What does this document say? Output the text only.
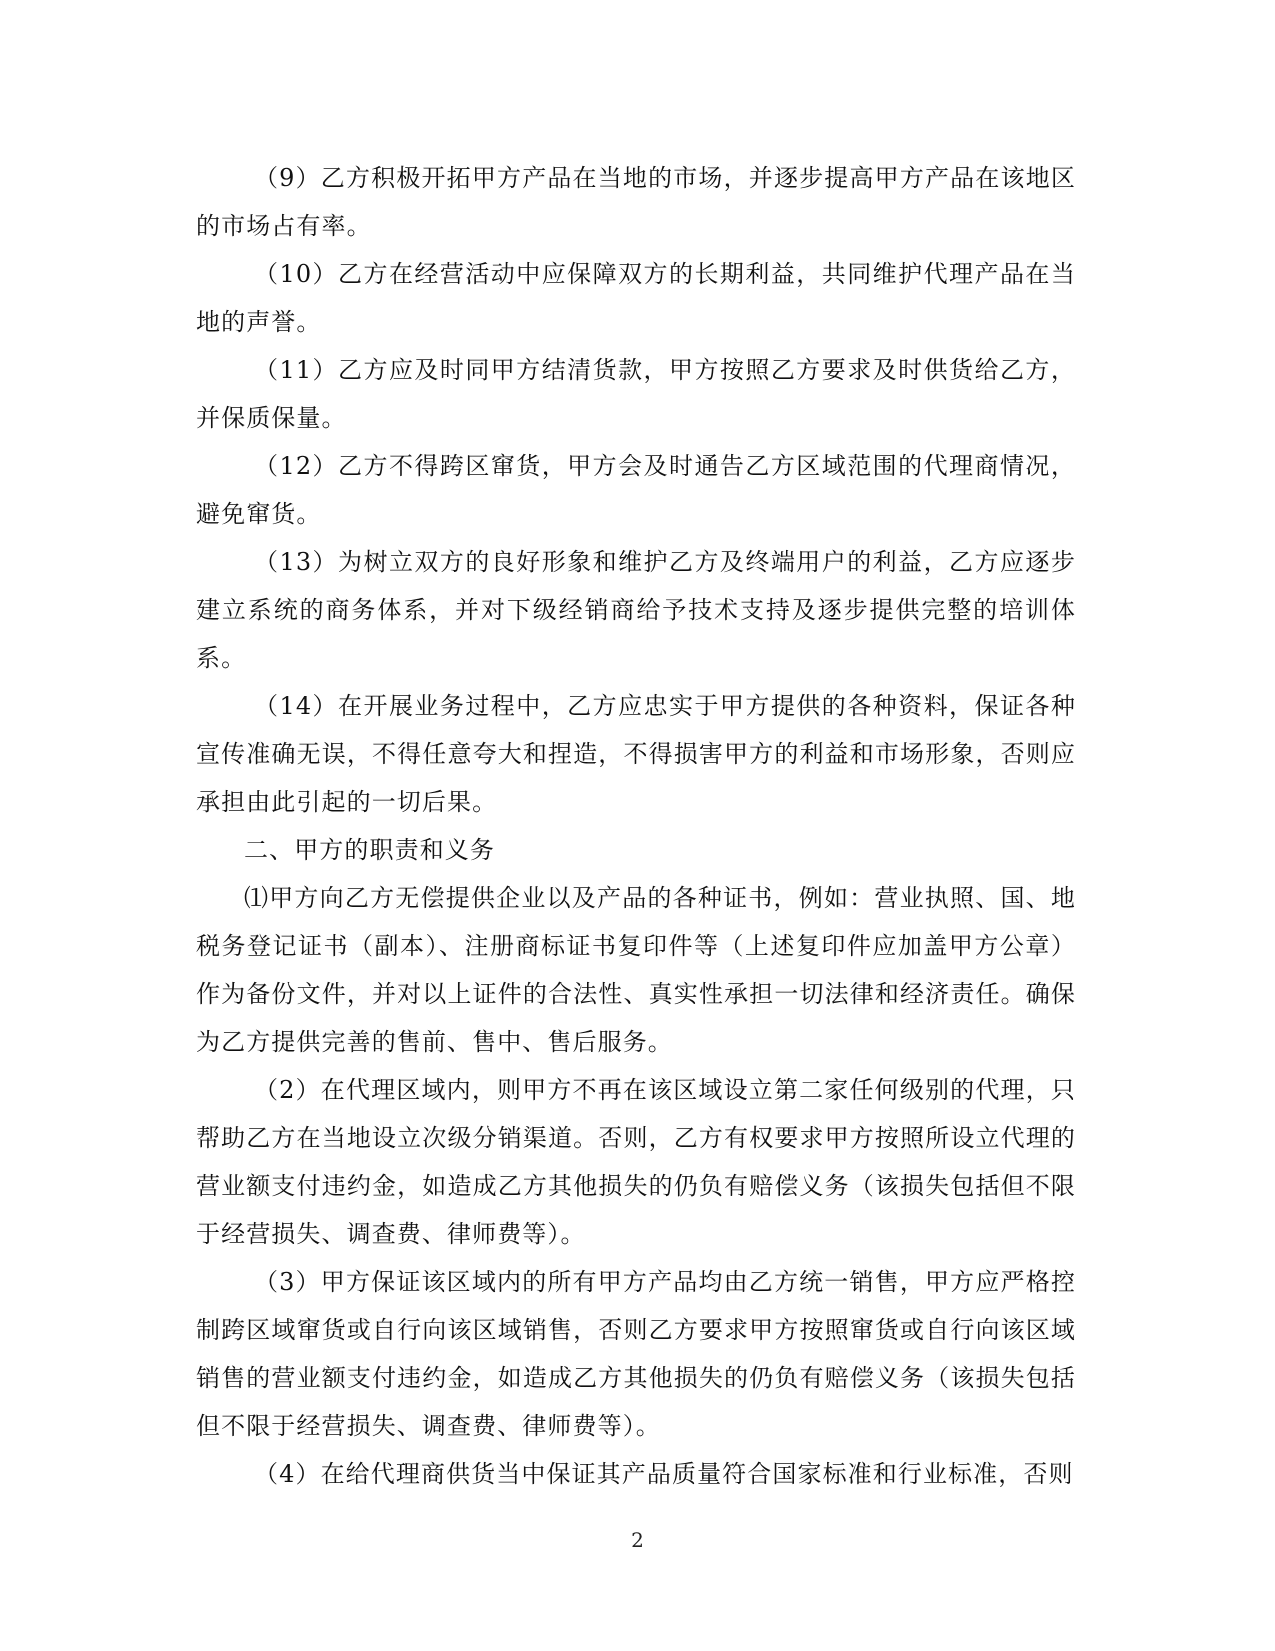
（9）乙方积极开拓甲方产品在当地的市场，并逐步提高甲方产品在该地区的市场占有率。

（10）乙方在经营活动中应保障双方的长期利益，共同维护代理产品在当地的声誉。

（11）乙方应及时同甲方结清货款，甲方按照乙方要求及时供货给乙方，并保质保量。

（12）乙方不得跨区窜货，甲方会及时通告乙方区域范围的代理商情况，避免窜货。

（13）为树立双方的良好形象和维护乙方及终端用户的利益，乙方应逐步建立系统的商务体系，并对下级经销商给予技术支持及逐步提供完整的培训体系。

（14）在开展业务过程中，乙方应忠实于甲方提供的各种资料，保证各种宣传准确无误，不得任意夸大和捏造，不得损害甲方的利益和市场形象，否则应承担由此引起的一切后果。

二、甲方的职责和义务

⑴甲方向乙方无偿提供企业以及产品的各种证书，例如：营业执照、国、地税务登记证书（副本）、注册商标证书复印件等（上述复印件应加盖甲方公章）作为备份文件，并对以上证件的合法性、真实性承担一切法律和经济责任。确保为乙方提供完善的售前、售中、售后服务。

（2）在代理区域内，则甲方不再在该区域设立第二家任何级别的代理，只帮助乙方在当地设立次级分销渠道。否则，乙方有权要求甲方按照所设立代理的营业额支付违约金，如造成乙方其他损失的仍负有赔偿义务（该损失包括但不限于经营损失、调查费、律师费等）。

（3）甲方保证该区域内的所有甲方产品均由乙方统一销售，甲方应严格控制跨区域窜货或自行向该区域销售，否则乙方要求甲方按照窜货或自行向该区域销售的营业额支付违约金，如造成乙方其他损失的仍负有赔偿义务（该损失包括但不限于经营损失、调查费、律师费等）。

（4）在给代理商供货当中保证其产品质量符合国家标准和行业标准，否则

2
